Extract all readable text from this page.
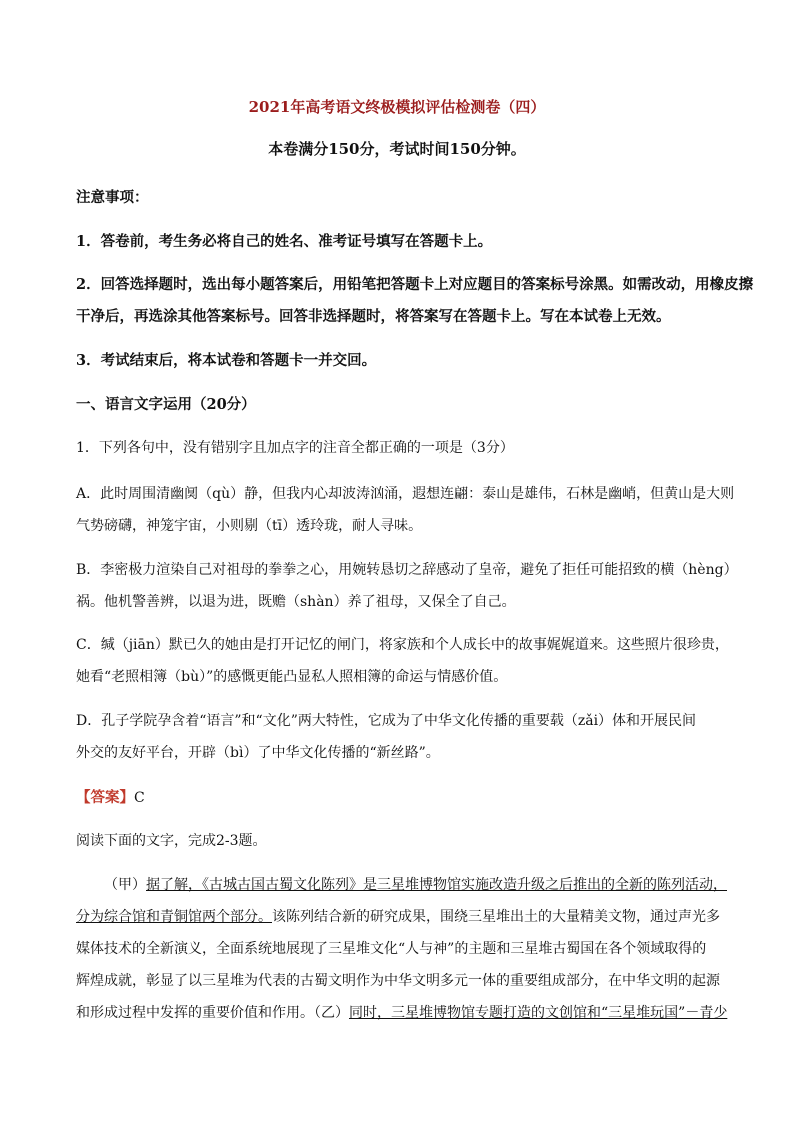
2021年高考语文终极模拟评估检测卷（四）
本卷满分150分，考试时间150分钟。
注意事项：
1．答卷前，考生务必将自己的姓名、准考证号填写在答题卡上。
2．回答选择题时，选出每小题答案后，用铅笔把答题卡上对应题目的答案标号涂黑。如需改动，用橡皮擦
干净后，再选涂其他答案标号。回答非选择题时，将答案写在答题卡上。写在本试卷上无效。
3．考试结束后，将本试卷和答题卡一并交回。
一、语言文字运用（20分）
1．下列各句中，没有错别字且加点字的注音全都正确的一项是（3分）
A．此时周围清幽阒（qù）静，但我内心却波涛汹涌，遐想连翩：泰山是雄伟，石林是幽峭，但黄山是大则
气势磅礴，神笼宇宙，小则剔（tī）透玲珑，耐人寻味。
B．李密极力渲染自己对祖母的拳拳之心，用婉转恳切之辞感动了皇帝，避免了拒任可能招致的横（hèng）
祸。他机警善辨，以退为进，既赡（shàn）养了祖母，又保全了自己。
C．缄（jiān）默已久的她由是打开记忆的闸门，将家族和个人成长中的故事娓娓道来。这些照片很珍贵，
她看“老照相簿（bù）”的感慨更能凸显私人照相簿的命运与情感价值。
D．孔子学院孕含着“语言”和“文化”两大特性，它成为了中华文化传播的重要载（zǎi）体和开展民间
外交的友好平台，开辟（bì）了中华文化传播的“新丝路”。
【答案】C
阅读下面的文字，完成2-3题。
（甲）据了解，《古城古国古蜀文化陈列》是三星堆博物馆实施改造升级之后推出的全新的陈列活动，
分为综合馆和青铜馆两个部分。该陈列结合新的研究成果，围绕三星堆出土的大量精美文物，通过声光多
媒体技术的全新演义，全面系统地展现了三星堆文化“人与神”的主题和三星堆古蜀国在各个领域取得的
辉煌成就，彰显了以三星堆为代表的古蜀文明作为中华文明多元一体的重要组成部分，在中华文明的起源
和形成过程中发挥的重要价值和作用。（乙）同时，三星堆博物馆专题打造的文创馆和“三星堆玩国”－青少
